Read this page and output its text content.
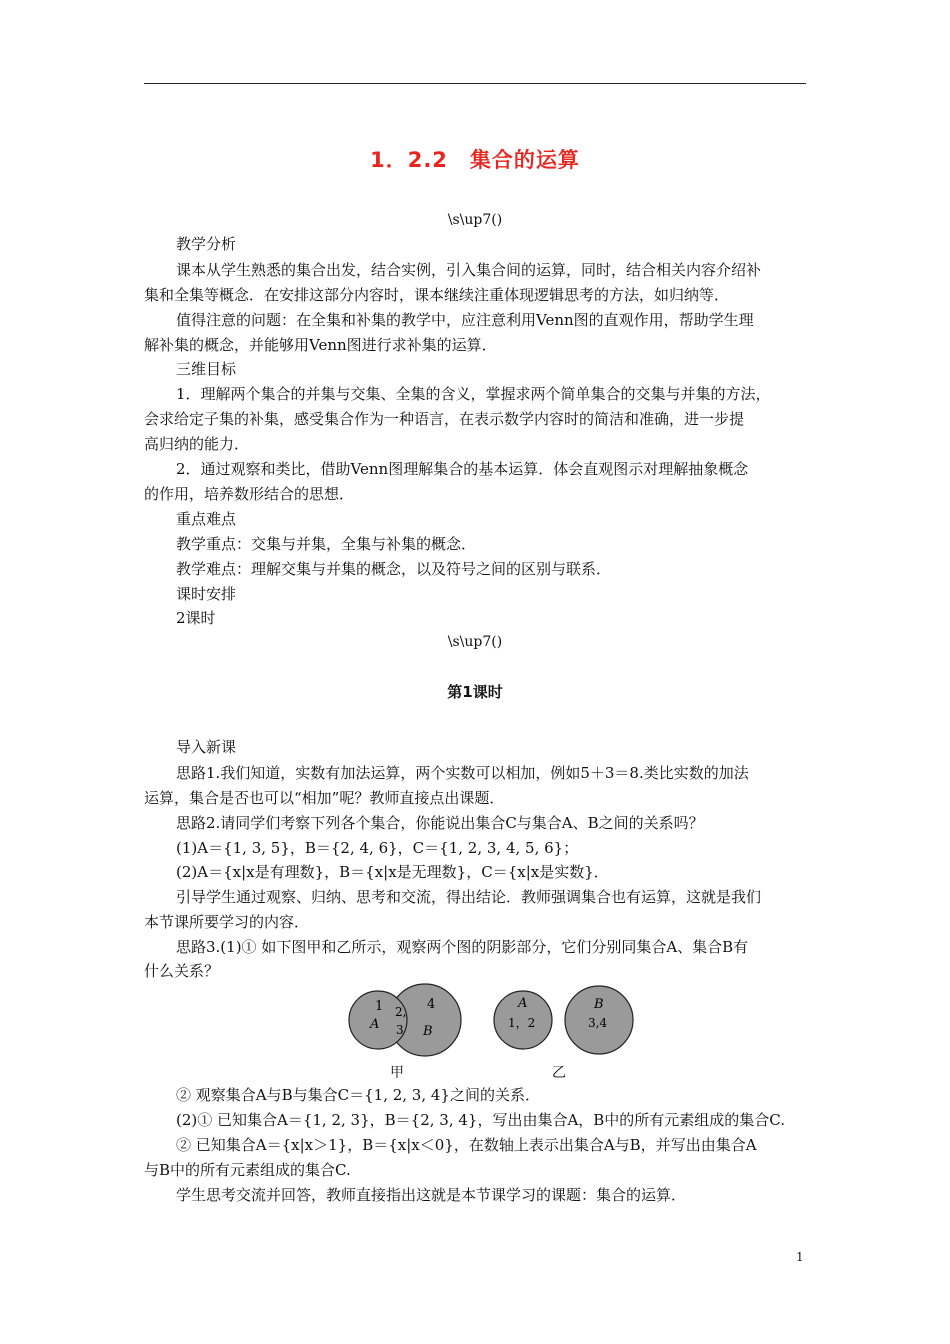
1．2.2　集合的运算
\s\up7()
教学分析
课本从学生熟悉的集合出发，结合实例，引入集合间的运算，同时，结合相关内容介绍补
集和全集等概念．在安排这部分内容时，课本继续注重体现逻辑思考的方法，如归纳等．
值得注意的问题：在全集和补集的教学中，应注意利用Venn图的直观作用，帮助学生理
解补集的概念，并能够用Venn图进行求补集的运算．
三维目标
1．理解两个集合的并集与交集、全集的含义，掌握求两个简单集合的交集与并集的方法，
会求给定子集的补集，感受集合作为一种语言，在表示数学内容时的简洁和准确，进一步提
高归纳的能力．
2．通过观察和类比，借助Venn图理解集合的基本运算．体会直观图示对理解抽象概念
的作用，培养数形结合的思想．
重点难点
教学重点：交集与并集，全集与补集的概念．
教学难点：理解交集与并集的概念，以及符号之间的区别与联系．
课时安排
2课时
\s\up7()
第1课时
导入新课
思路1.我们知道，实数有加法运算，两个实数可以相加，例如5＋3＝8.类比实数的加法
运算，集合是否也可以“相加”呢？教师直接点出课题．
思路2.请同学们考察下列各个集合，你能说出集合C与集合A、B之间的关系吗？
(1)A＝{1, 3, 5}，B＝{2, 4, 6}，C＝{1, 2, 3, 4, 5, 6}；
(2)A＝{x|x是有理数}，B＝{x|x是无理数}，C＝{x|x是实数}．
引导学生通过观察、归纳、思考和交流，得出结论．教师强调集合也有运算，这就是我们
本节课所要学习的内容．
思路3.(1)① 如下图甲和乙所示，观察两个图的阴影部分，它们分别同集合A、集合B有
什么关系？
1
A
2,
3
4
B
A
1，2
B
3,4
甲	乙
② 观察集合A与B与集合C＝{1, 2, 3, 4}之间的关系．
(2)① 已知集合A＝{1, 2, 3}，B＝{2, 3, 4}，写出由集合A，B中的所有元素组成的集合C.
② 已知集合A＝{x|x＞1}，B＝{x|x＜0}，在数轴上表示出集合A与B，并写出由集合A
与B中的所有元素组成的集合C.
学生思考交流并回答，教师直接指出这就是本节课学习的课题：集合的运算．
1
